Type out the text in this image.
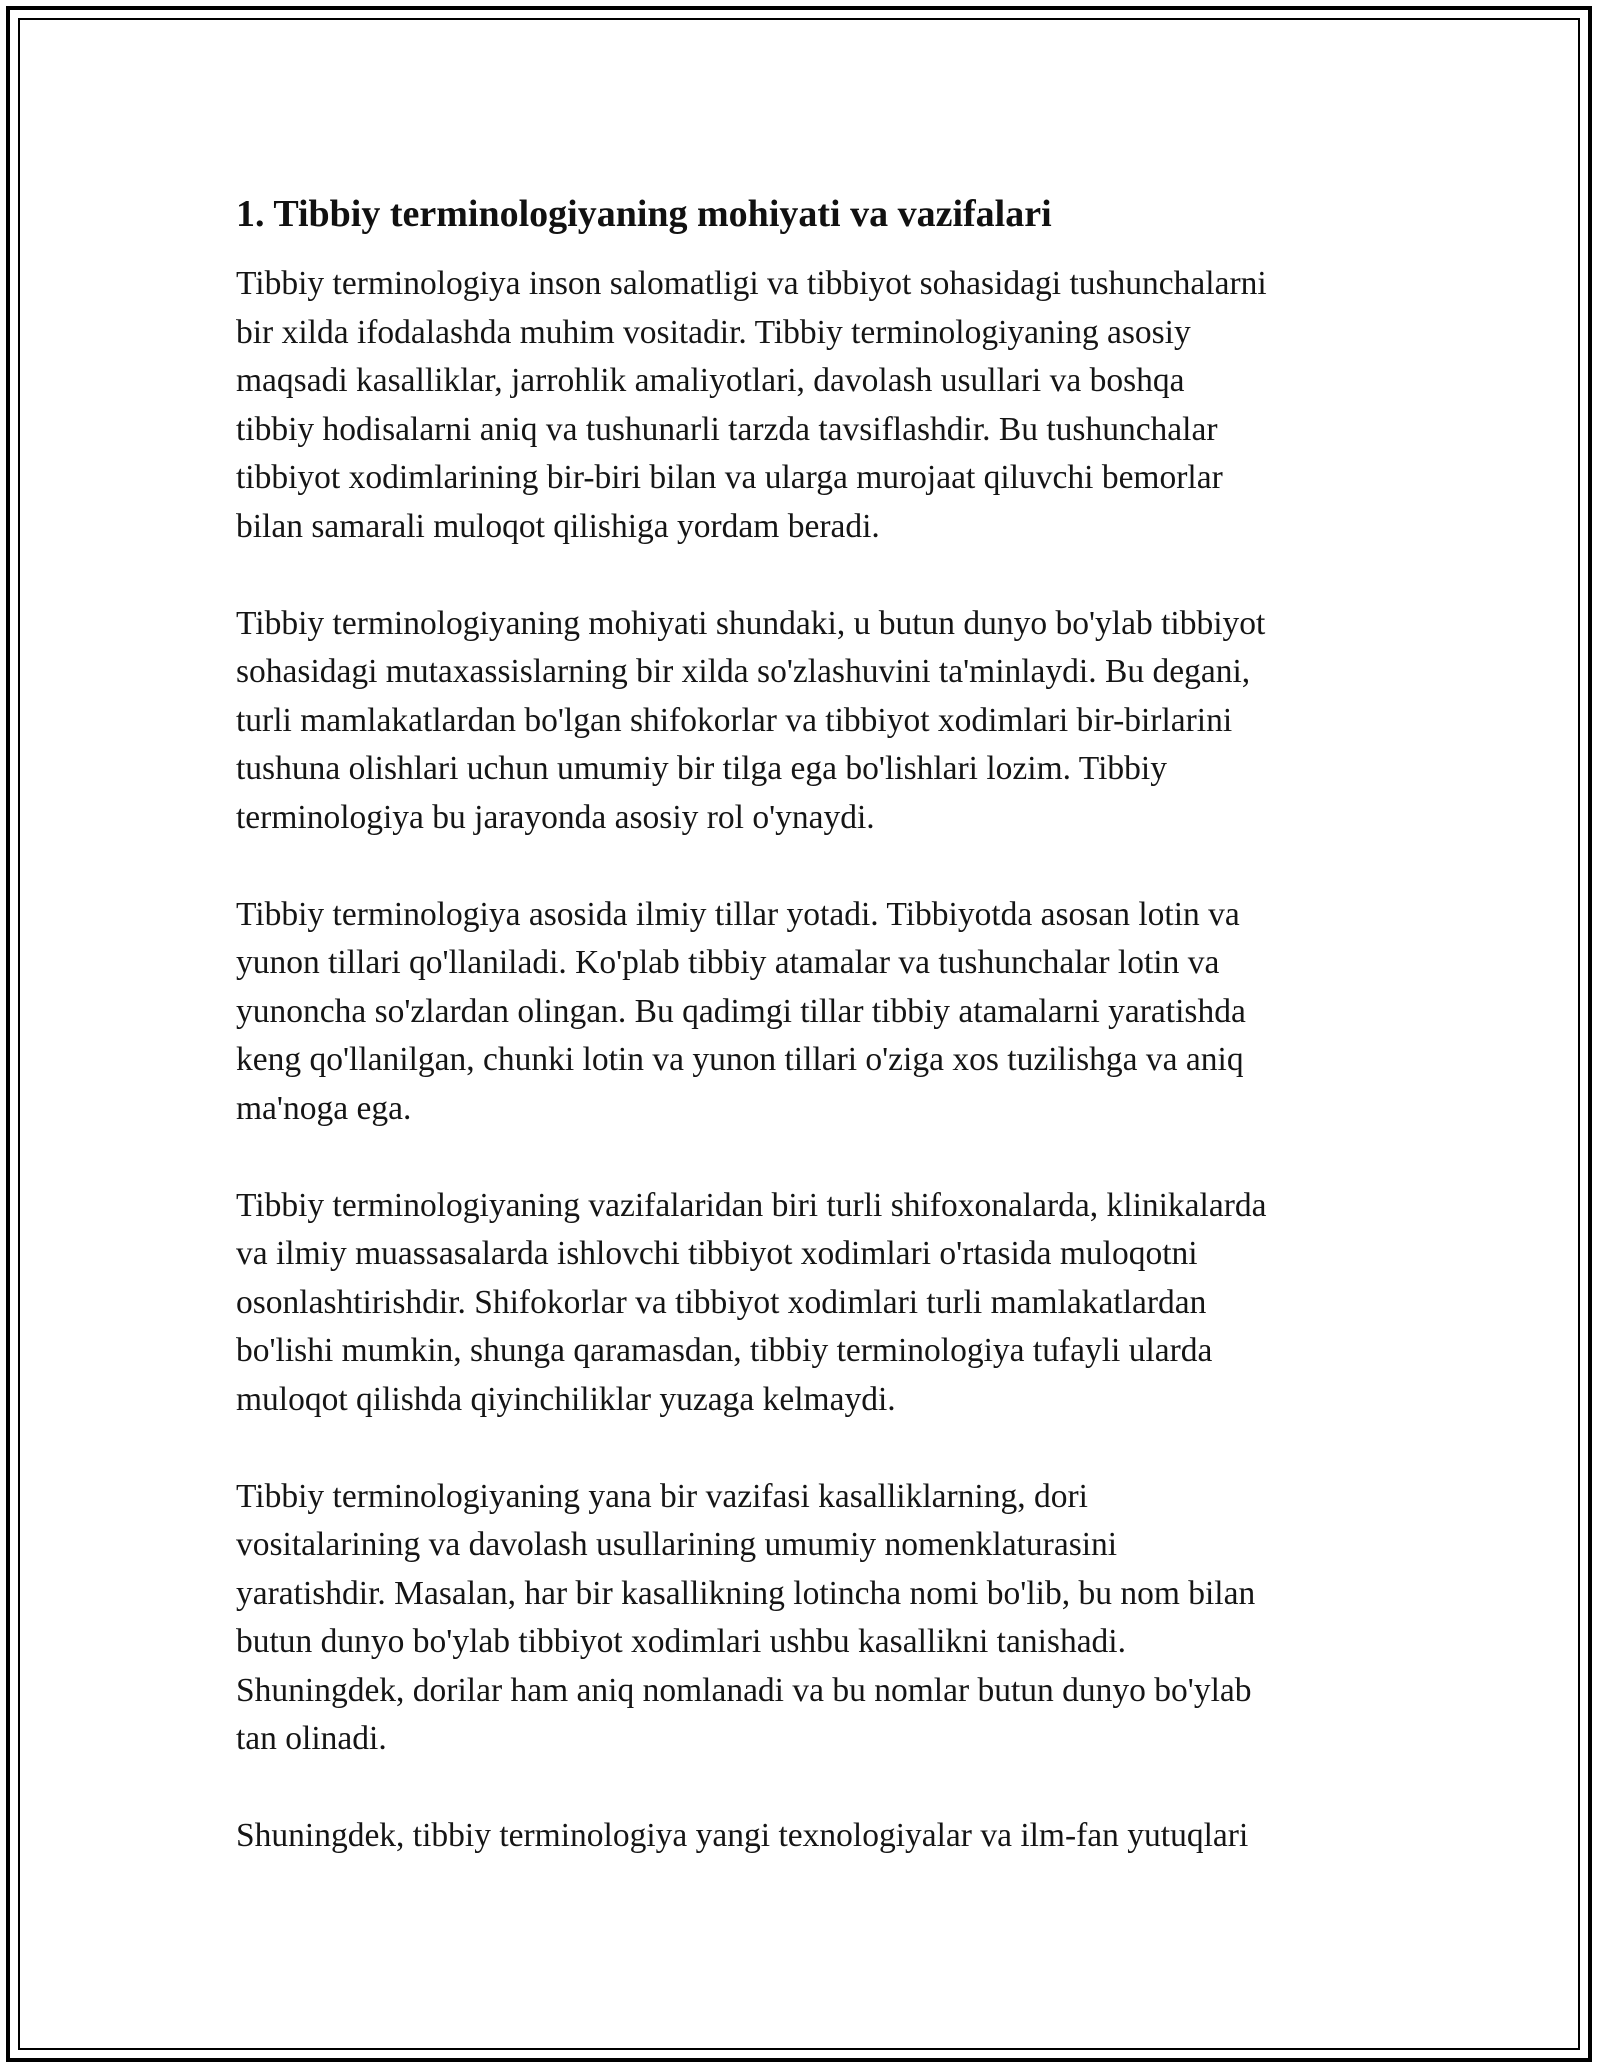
1. Tibbiy terminologiyaning mohiyati va vazifalari

Tibbiy terminologiya inson salomatligi va tibbiyot sohasidagi tushunchalarni
bir xilda ifodalashda muhim vositadir. Tibbiy terminologiyaning asosiy
maqsadi kasalliklar, jarrohlik amaliyotlari, davolash usullari va boshqa
tibbiy hodisalarni aniq va tushunarli tarzda tavsiflashdir. Bu tushunchalar
tibbiyot xodimlarining bir-biri bilan va ularga murojaat qiluvchi bemorlar
bilan samarali muloqot qilishiga yordam beradi.

Tibbiy terminologiyaning mohiyati shundaki, u butun dunyo bo'ylab tibbiyot
sohasidagi mutaxassislarning bir xilda so'zlashuvini ta'minlaydi. Bu degani,
turli mamlakatlardan bo'lgan shifokorlar va tibbiyot xodimlari bir-birlarini
tushuna olishlari uchun umumiy bir tilga ega bo'lishlari lozim. Tibbiy
terminologiya bu jarayonda asosiy rol o'ynaydi.

Tibbiy terminologiya asosida ilmiy tillar yotadi. Tibbiyotda asosan lotin va
yunon tillari qo'llaniladi. Ko'plab tibbiy atamalar va tushunchalar lotin va
yunoncha so'zlardan olingan. Bu qadimgi tillar tibbiy atamalarni yaratishda
keng qo'llanilgan, chunki lotin va yunon tillari o'ziga xos tuzilishga va aniq
ma'noga ega.

Tibbiy terminologiyaning vazifalaridan biri turli shifoxonalarda, klinikalarda
va ilmiy muassasalarda ishlovchi tibbiyot xodimlari o'rtasida muloqotni
osonlashtirishdir. Shifokorlar va tibbiyot xodimlari turli mamlakatlardan
bo'lishi mumkin, shunga qaramasdan, tibbiy terminologiya tufayli ularda
muloqot qilishda qiyinchiliklar yuzaga kelmaydi.

Tibbiy terminologiyaning yana bir vazifasi kasalliklarning, dori
vositalarining va davolash usullarining umumiy nomenklaturasini
yaratishdir. Masalan, har bir kasallikning lotincha nomi bo'lib, bu nom bilan
butun dunyo bo'ylab tibbiyot xodimlari ushbu kasallikni tanishadi.
Shuningdek, dorilar ham aniq nomlanadi va bu nomlar butun dunyo bo'ylab
tan olinadi.

Shuningdek, tibbiy terminologiya yangi texnologiyalar va ilm-fan yutuqlari
